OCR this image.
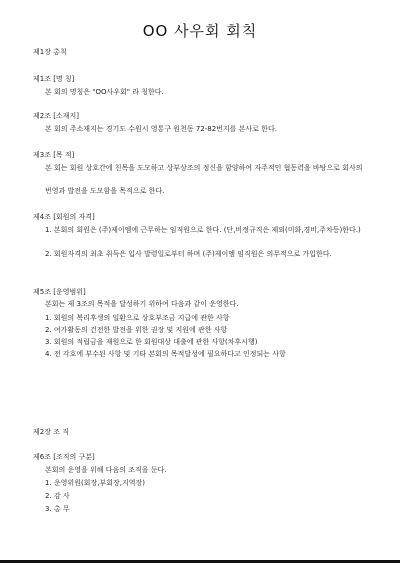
OO 사우회 회칙
제1장 총칙
제1조 [명 칭]
본 회의 명칭은 "OO사우회" 라 칭한다.
제2조 [소재지]
본 회의 주소재지는 경기도 수원시 영통구 원천동 72-82번지를 본사로 한다.
제3조 [목 적]
본 회는 회원 상호간에 친목을 도모하고 상부상조의 정신을 함양하여 자주적인 협동력을 바탕으로 회사의
번영과 발전을 도모함을 목적으로 한다.
제4조 [회원의 자격]
1. 본회의 회원은 (주)제이엠에 근무하는 임직원으로 한다. (단,비정규직은 제외(미화,경비,주차등)한다.)
2. 회원자격의 최초 취득은 입사 발령일로부터 하며 (주)제이엠 임직원은 의무적으로 가입한다.
제5조 [운영범위]
본회는 제 3조의 목적을 달성하기 위하여 다음과 같이 운영한다.
1. 회원의 복리후생의 일환으로 상호부조금 지급에 관한 사항
2. 여가활동의 건전한 발전을 위한 권장 및 지원에 관한 사항
3. 회원의 적립금을 재원으로 한 회원대상 대출에 관한 사항(차후시행)
4. 전 각호에 부수된 사항 및 기타 본회의 목적달성에 필요하다고 인정되는 사항
제2장 조 직
제6조 [조직의 구분]
본회의 운영을 위해 다음의 조직을 둔다.
1. 운영위원(회장,부회장,지역장)
2. 감 사
3. 총 무
